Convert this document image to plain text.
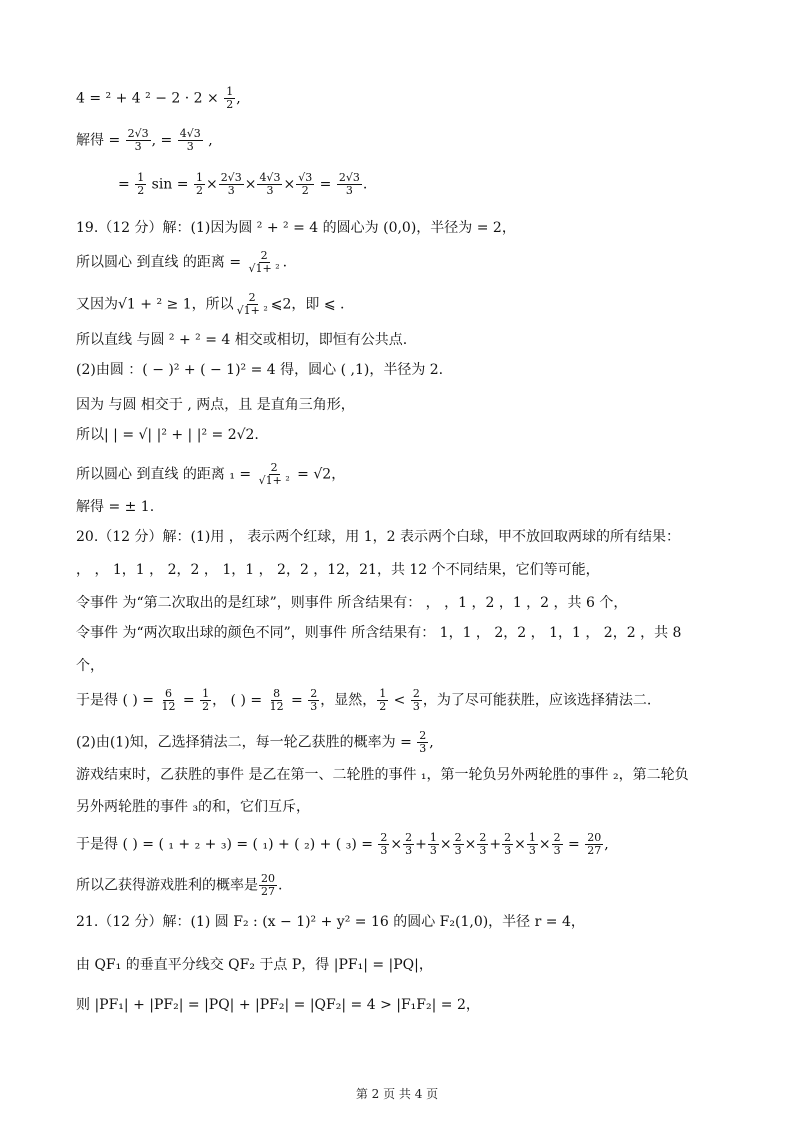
4 = ² + 4 $^2 - 2 \cdot 2 \times \frac{1}{2}$ ,
解得 = $\frac{2√3}{3}$ , = $\frac{4√3}{3}$ ,
= $\frac{1}{2}$ $\sin = \frac{1}{2} \times \frac{2√3}{3} \times \frac{4√3}{3} \times \frac{√3}{2} = \frac{2√3}{3}$ .
19.（12 分）解：(1)因为圆 ² + ² = 4 的圆心为 (0,0)，半径为 = 2，
所以圆心 到直线 的距离 = $\frac{2}{\text{√1+ ²}}$ .
又因为√1 + ² ≥ 1，所以 $\frac{2}{\text{√1+ ²}}$ ⩽2，即 ⩽ .
所以直线 与圆 ² + ² = 4 相交或相切，即恒有公共点.
(2)由圆 ：( − )² + ( − 1)² = 4 得，圆心 ( ,1)，半径为 2.
因为 与圆 相交于 , 两点，且 是直角三角形，
所以| | = √| |² + | |² = 2√2.
所以圆心 到直线 的距离 $_1 = \frac{2}{\text{√1+ ²}} = √2$，
解得 = ± 1.
20.（12 分）解：(1)用 ， 表示两个红球，用 1，2 表示两个白球，甲不放回取两球的所有结果：
， ， 1，1 ， 2，2 ， 1，1 ， 2，2 ，12，21，共 12 个不同结果，它们等可能，
令事件 为“第二次取出的是红球”，则事件 所含结果有： ， ，1 ，2 ，1 ，2 ，共 6 个，
令事件 为“两次取出球的颜色不同”，则事件 所含结果有： 1，1 ， 2，2 ， 1，1 ， 2，2 ，共 8
个，
于是得 ( ) = $\frac{6}{12} = \frac{1}{2}$ ， ( ) = $\frac{8}{12} = \frac{2}{3}$ ，显然， $\frac{1}{2} < \frac{2}{3}$ ，为了尽可能获胜，应该选择猜法二.
(2)由(1)知，乙选择猜法二，每一轮乙获胜的概率为 = $\frac{2}{3}$ ,
游戏结束时，乙获胜的事件 是乙在第一、二轮胜的事件 ₁，第一轮负另外两轮胜的事件 ₂，第二轮负
另外两轮胜的事件 ₃的和，它们互斥，
于是得 ( ) = ( ₁ + ₂ + ₃) = ( ₁) + ( ₂) + ( $_3) = \frac{2}{3} \times \frac{2}{3} + \frac{1}{3} \times \frac{2}{3} \times \frac{2}{3} + \frac{2}{3} \times \frac{1}{3} \times \frac{2}{3} = \frac{20}{27}$ ,
所以乙获得游戏胜利的概率是 $\frac{20}{27}$ .
21.（12 分）解：(1) 圆 F₂ : (x − 1)² + y² = 16 的圆心 F₂(1,0)，半径 r = 4，
由 QF₁ 的垂直平分线交 QF₂ 于点 P，得 |PF₁| = |PQ|，
则 |PF₁| + |PF₂| = |PQ| + |PF₂| = |QF₂| = 4 > |F₁F₂| = 2，
第 2 页 共 4 页
